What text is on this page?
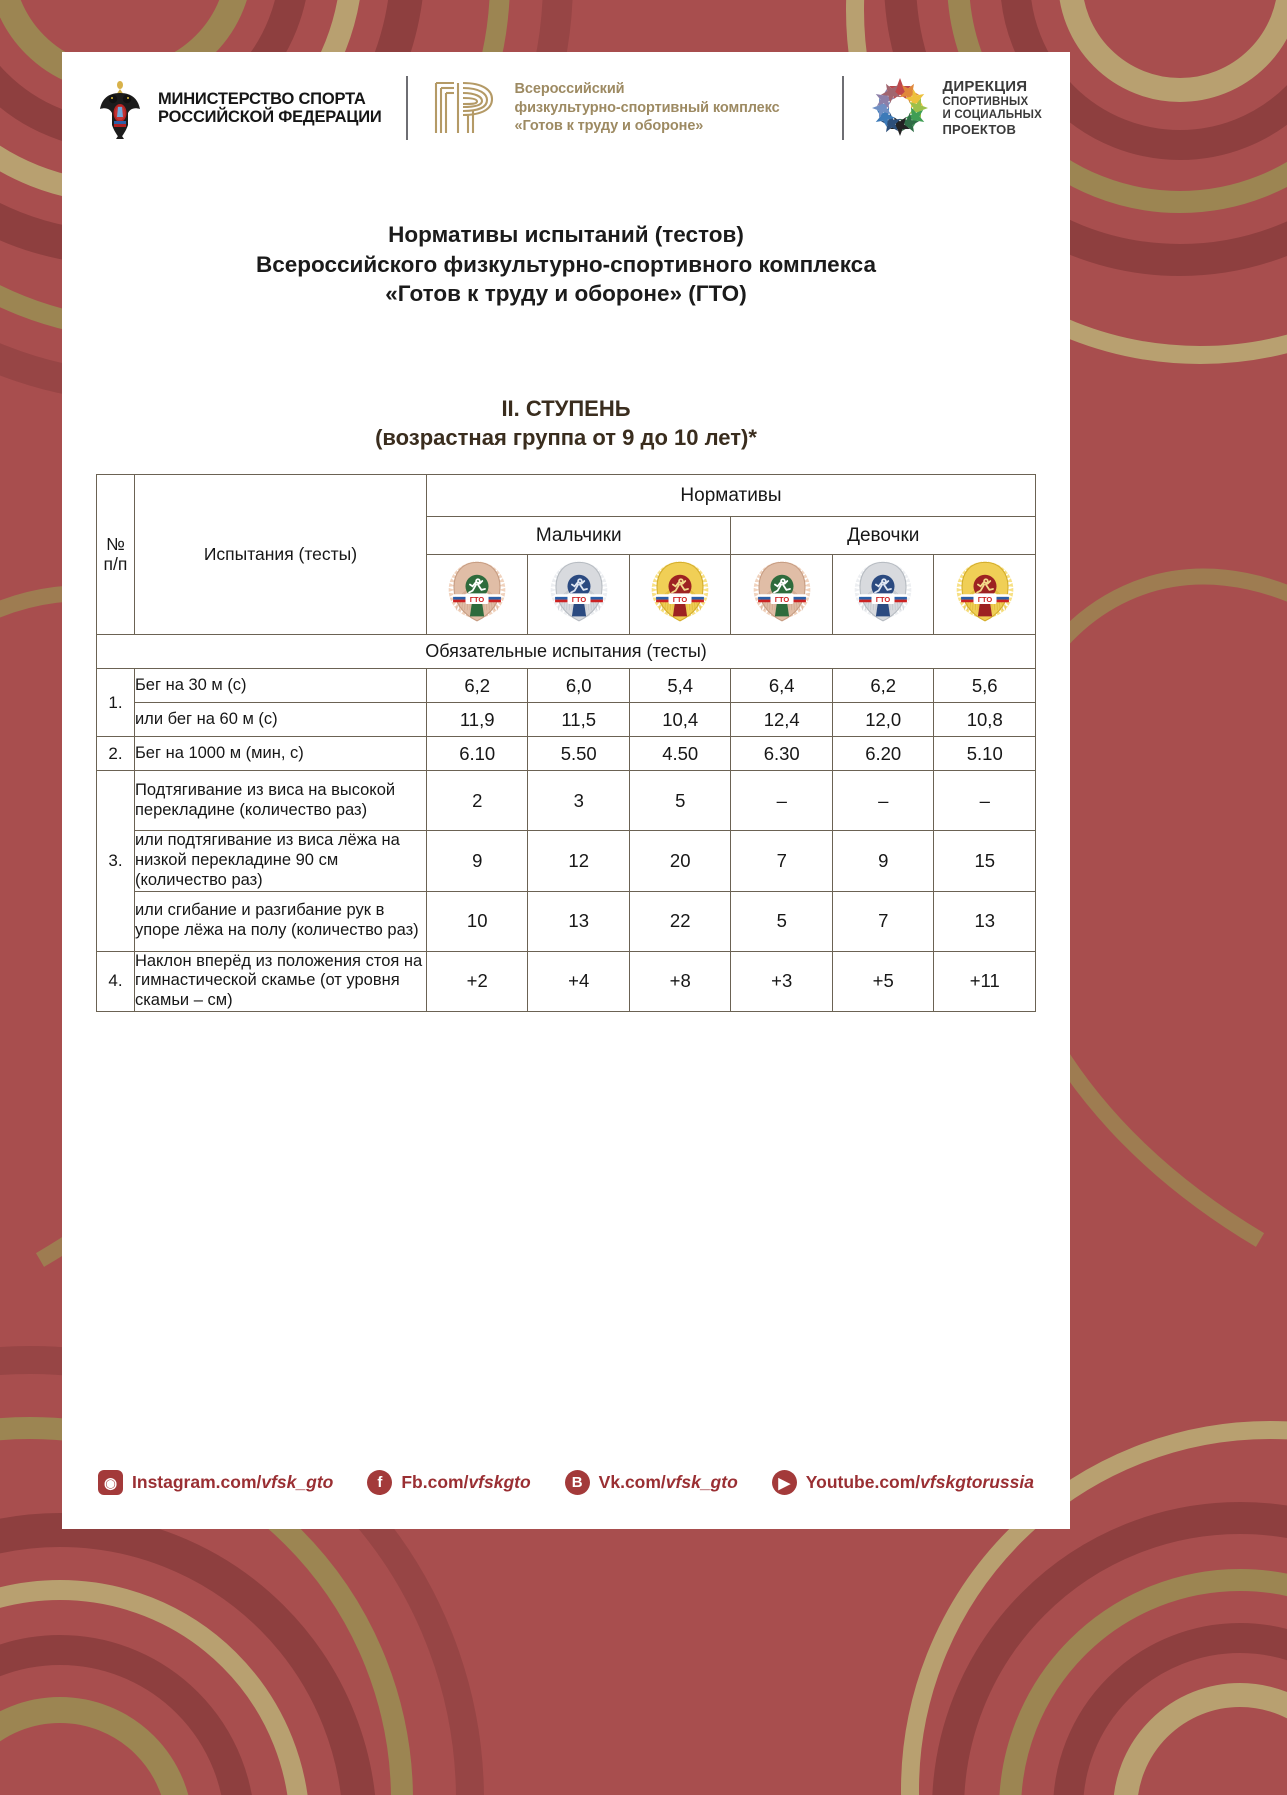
МИНИСТЕРСТВО СПОРТА
РОССИЙСКОЙ ФЕДЕРАЦИИ
Всероссийский
физкультурно-спортивный комплекс
«Готов к труду и обороне»
ДИРЕКЦИЯ
СПОРТИВНЫХ
И СОЦИАЛЬНЫХ
ПРОЕКТОВ
Нормативы испытаний (тестов)
Всероссийского физкультурно-спортивного комплекса
«Готов к труду и обороне» (ГТО)
II. СТУПЕНЬ
(возрастная группа от 9 до 10 лет)*
№
п/п	Испытания (тесты)	Нормативы					
		Мальчики			Девочки		

ГТО	ГТО	ГТО	ГТО	ГТО	ГТО

Обязательные испытания (тесты)							
1.	Бег на 30 м (с)	6,2	6,0	5,4	6,4	6,2	5,6
	или бег на 60 м (с)	11,9	11,5	10,4	12,4	12,0	10,8
2.	Бег на 1000 м (мин, с)	6.10	5.50	4.50	6.30	6.20	5.10
3.	Подтягивание из виса на высокой перекладине (количество раз)	2	3	5	–	–	–
	или подтягивание из виса лёжа на низкой перекладине 90 см (количество раз)	9	12	20	7	9	15
	или сгибание и разгибание рук в упоре лёжа на полу (количество раз)	10	13	22	5	7	13
4.	Наклон вперёд из положения стоя на гимнастической скамье (от уровня скамьи – см)	+2	+4	+8	+3	+5	+11
◉ Instagram.com/vfsk_gto	f	Fb.com/vfskgto	B Vk.com/vfsk_gto	▶ Youtube.com/vfskgtorussia
